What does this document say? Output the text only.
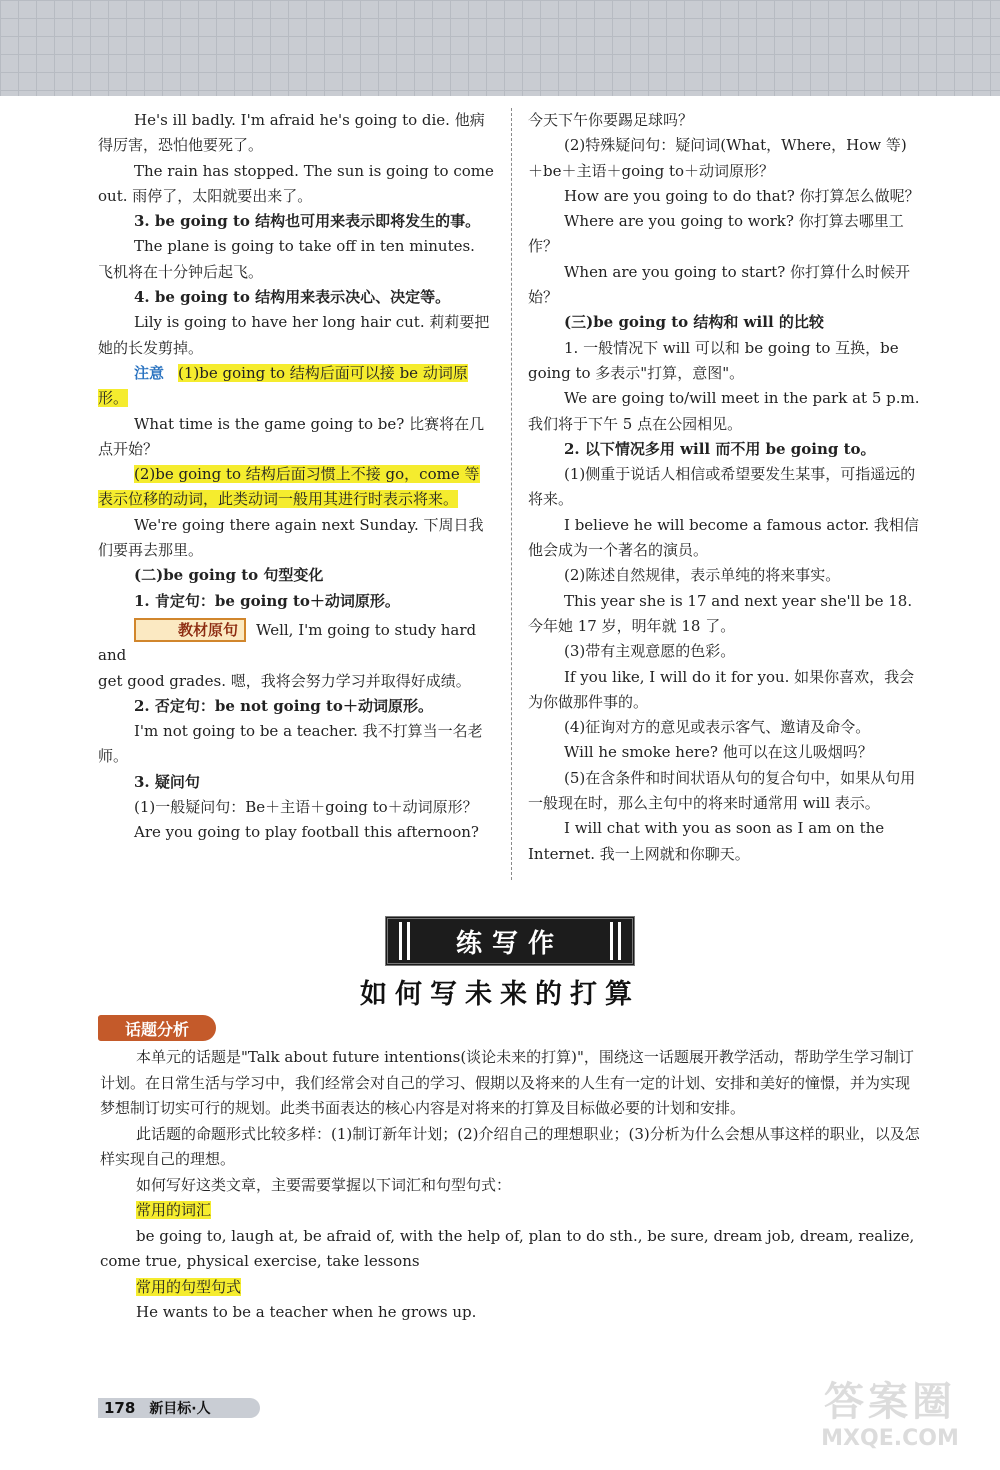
He's ill badly. I'm afraid he's going to die. 他病得厉害，恐怕他要死了。

The rain has stopped. The sun is going to come out. 雨停了，太阳就要出来了。

3. be going to 结构也可用来表示即将发生的事。

The plane is going to take off in ten minutes. 飞机将在十分钟后起飞。

4. be going to 结构用来表示决心、决定等。

Lily is going to have her long hair cut. 莉莉要把她的长发剪掉。

注意 (1)be going to 结构后面可以接 be 动词原形。

What time is the game going to be? 比赛将在几点开始？

(2)be going to 结构后面习惯上不接 go，come 等表示位移的动词，此类动词一般用其进行时表示将来。

We're going there again next Sunday. 下周日我们要再去那里。

(二)be going to 句型变化

1. 肯定句：be going to＋动词原形。

教材原句 Well, I'm going to study hard and

get good grades. 嗯，我将会努力学习并取得好成绩。

2. 否定句：be not going to＋动词原形。

I'm not going to be a teacher. 我不打算当一名老师。

3. 疑问句

(1)一般疑问句：Be＋主语＋going to＋动词原形？

Are you going to play football this afternoon?

今天下午你要踢足球吗？

(2)特殊疑问句：疑问词(What，Where，How 等)＋be＋主语＋going to＋动词原形？

How are you going to do that? 你打算怎么做呢？

Where are you going to work? 你打算去哪里工作？

When are you going to start? 你打算什么时候开始？

(三)be going to 结构和 will 的比较

1. 一般情况下 will 可以和 be going to 互换，be going to 多表示"打算，意图"。

We are going to/will meet in the park at 5 p.m. 我们将于下午 5 点在公园相见。

2. 以下情况多用 will 而不用 be going to。

(1)侧重于说话人相信或希望要发生某事，可指遥远的将来。

I believe he will become a famous actor. 我相信他会成为一个著名的演员。

(2)陈述自然规律，表示单纯的将来事实。

This year she is 17 and next year she'll be 18. 今年她 17 岁，明年就 18 了。

(3)带有主观意愿的色彩。

If you like, I will do it for you. 如果你喜欢，我会为你做那件事的。

(4)征询对方的意见或表示客气、邀请及命令。

Will he smoke here? 他可以在这儿吸烟吗？

(5)在含条件和时间状语从句的复合句中，如果从句用一般现在时，那么主句中的将来时通常用 will 表示。

I will chat with you as soon as I am on the Internet. 我一上网就和你聊天。

练写作
如何写未来的打算
话题分析

本单元的话题是"Talk about future intentions(谈论未来的打算)"，围绕这一话题展开教学活动，帮助学生学习制订计划。在日常生活与学习中，我们经常会对自己的学习、假期以及将来的人生有一定的计划、安排和美好的憧憬，并为实现梦想制订切实可行的规划。此类书面表达的核心内容是对将来的打算及目标做必要的计划和安排。

此话题的命题形式比较多样：(1)制订新年计划；(2)介绍自己的理想职业；(3)分析为什么会想从事这样的职业，以及怎样实现自己的理想。

如何写好这类文章，主要需要掌握以下词汇和句型句式：

常用的词汇

be going to, laugh at, be afraid of, with the help of, plan to do sth., be sure, dream job, dream, realize, come true, physical exercise, take lessons

常用的句型句式

He wants to be a teacher when he grows up.

178	新目标·人	答案圈
MXQE.COM
